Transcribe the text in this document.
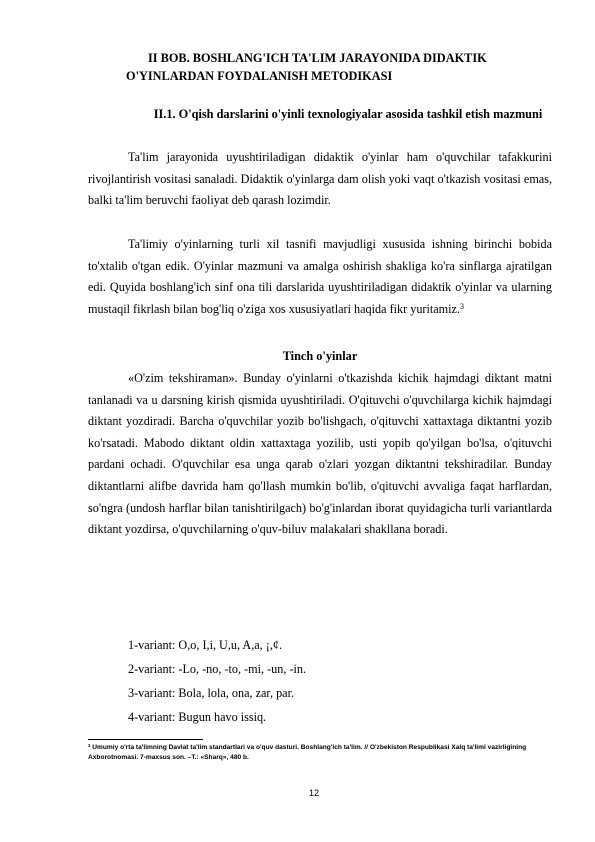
II BOB. BOSHLANG'ICH TA'LIM JARAYONIDA DIDAKTIK
O'YINLARDAN FOYDALANISH METODIKASI
II.1. O'qish darslarini o'yinli texnologiyalar asosida tashkil etish mazmuni

Ta'lim jarayonida uyushtiriladigan didaktik o'yinlar ham o'quvchilar tafakkurini rivojlantirish vositasi sanaladi. Didaktik o'yinlarga dam olish yoki vaqt o'tkazish vositasi emas, balki ta'lim beruvchi faoliyat deb qarash lozimdir.

Ta'limiy o'yinlarning turli xil tasnifi mavjudligi xususida ishning birinchi bobida to'xtalib o'tgan edik. O'yinlar mazmuni va amalga oshirish shakliga ko'ra sinflarga ajratilgan edi. Quyida boshlang'ich sinf ona tili darslarida uyushtiriladigan didaktik o'yinlar va ularning mustaqil fikrlash bilan bog'liq o'ziga xos xususiyatlari haqida fikr yuritamiz.$^3$

Tinch o'yinlar

«O'zim tekshiraman». Bunday o'yinlarni o'tkazishda kichik hajmdagi diktant matni tanlanadi va u darsning kirish qismida uyushtiriladi. O'qituvchi o'quvchilarga kichik hajmdagi diktant yozdiradi. Barcha o'quvchilar yozib bo'lishgach, o'qituvchi xattaxtaga diktantni yozib ko'rsatadi. Mabodo diktant oldin xattaxtaga yozilib, usti yopib qo'yilgan bo'lsa, o'qituvchi pardani ochadi. O'quvchilar esa unga qarab o'zlari yozgan diktantni tekshiradilar. Bunday diktantlarni alifbe davrida ham qo'llash mumkin bo'lib, o'qituvchi avvaliga faqat harflardan, so'ngra (undosh harflar bilan tanishtirilgach) bo'g'inlardan iborat quyidagicha turli variantlarda diktant yozdirsa, o'quvchilarning o'quv-biluv malakalari shakllana boradi.

1-variant: O,o, I,i, U,u, A,a, ¡,¢.
2-variant: -Lo, -no, -to, -mi, -un, -in.
3-variant: Bola, lola, ona, zar, par.
4-variant: Bugun havo issiq.
$^3$ Umumiy o'rta ta'limning Davlat ta'lim standartlari va o'quv dasturi. Boshlang'ich ta'lim. // O'zbekiston Respublikasi Xalq ta'limi vazirligining Axborotnomasi. 7-maxsus son. –T.: «Sharq», 480 b.
12
